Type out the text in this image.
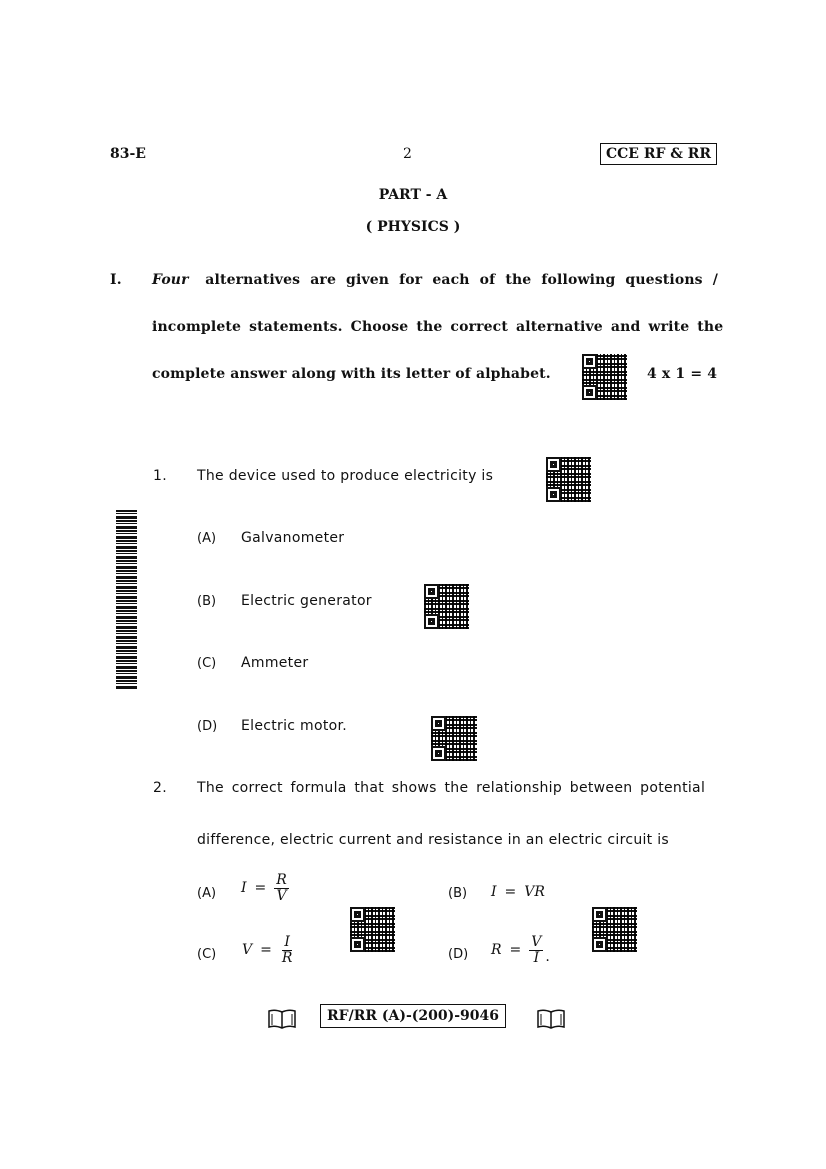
83-E	2	CCE RF & RR
PART - A
( PHYSICS )
I. Four alternatives are given for each of the following questions /
incomplete statements. Choose the correct alternative and write the
complete answer along with its letter of alphabet.	4 x 1 = 4
1. The device used to produce electricity is
(A) Galvanometer
(B) Electric generator
(C) Ammeter
(D) Electric motor.
2. The correct formula that shows the relationship between potential
difference, electric current and resistance in an electric circuit is
(A) $I = \frac{R}{V}$	(B) I = VR
(C) $V = \frac{I}{R}$	(D) $R = \frac{V}{I}$ .
RF/RR (A)-(200)-9046
